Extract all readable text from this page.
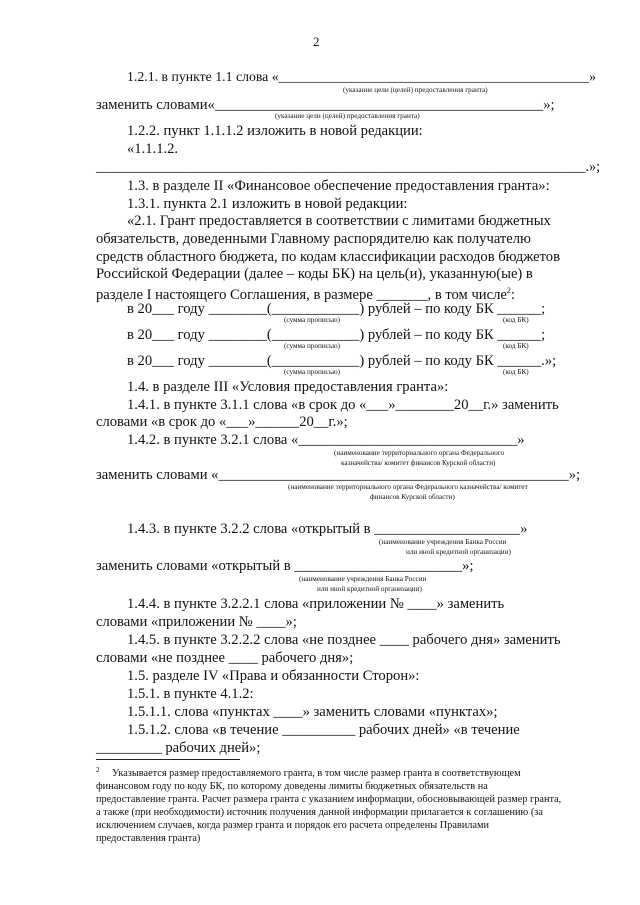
2
1.2.1. в пункте 1.1 слова «_____________________________________________»
заменить словами«_____________________________________________»;
1.2.2. пункт 1.1.1.2 изложить в новой редакции:
«1.1.1.2.
_____________________________________________________________________.»;
1.3. в разделе II «Финансовое обеспечение предоставления гранта»:
1.3.1. пункта 2.1 изложить в новой редакции:
«2.1. Грант предоставляется в соответствии с лимитами бюджетных
обязательств, доведенными Главному распорядителю как получателю
средств областного бюджета, по кодам классификации расходов бюджетов
Российской Федерации (далее – коды БК) на цель(и), указанную(ые) в
разделе I настоящего Соглашения, в размере _______, в том числе$^2$:
в 20___ году ________(____________) рублей – по коду БК ______;
в 20___ году ________(____________) рублей – по коду БК ______;
в 20___ году ________(____________) рублей – по коду БК ______.»;
1.4. в разделе III «Условия предоставления гранта»:
1.4.1. в пункте 3.1.1 слова «в срок до «___»________20__г.» заменить
словами «в срок до «___»______20__г.»;
1.4.2. в пункте 3.2.1 слова «______________________________»
заменить словами «________________________________________________»;
1.4.3. в пункте 3.2.2 слова «открытый в ____________________»
заменить словами «открытый в _______________________»;
1.4.4. в пункте 3.2.2.1 слова «приложении № ____» заменить
словами «приложении № ____»;
1.4.5. в пункте 3.2.2.2 слова «не позднее ____ рабочего дня» заменить
словами «не позднее ____ рабочего дня»;
1.5. разделе IV «Права и обязанности Сторон»:
1.5.1. в пункте 4.1.2:
1.5.1.1. слова «пунктах ____» заменить словами «пунктах»;
1.5.1.2. слова «в течение __________ рабочих дней» «в течение
_________ рабочих дней»;
(указание цели (целей) предоставления гранта)
(указание цели (целей) предоставления гранта)
(сумма прописью)	(код БК)
(сумма прописью)	(код БК)
(сумма прописью)	(код БК)
(наименование территориального органа Федерального
казначейства/ комитет финансов Курской области)
(наименование территориального органа Федерального казначейства/ комитет
финансов Курской области)
(наименование учреждения Банка России
или иной кредитной организации)
(наименование учреждения Банка России
или иной кредитной организации)
$^2$ Указывается размер предоставляемого гранта, в том числе размер гранта в соответствующем
финансовом году по коду БК, по которому доведены лимиты бюджетных обязательств на
предоставление гранта. Расчет размера гранта с указанием информации, обосновывающей размер гранта,
а также (при необходимости) источник получения данной информации прилагается к соглашению (за
исключением случаев, когда размер гранта и порядок его расчета определены Правилами
предоставления гранта)
